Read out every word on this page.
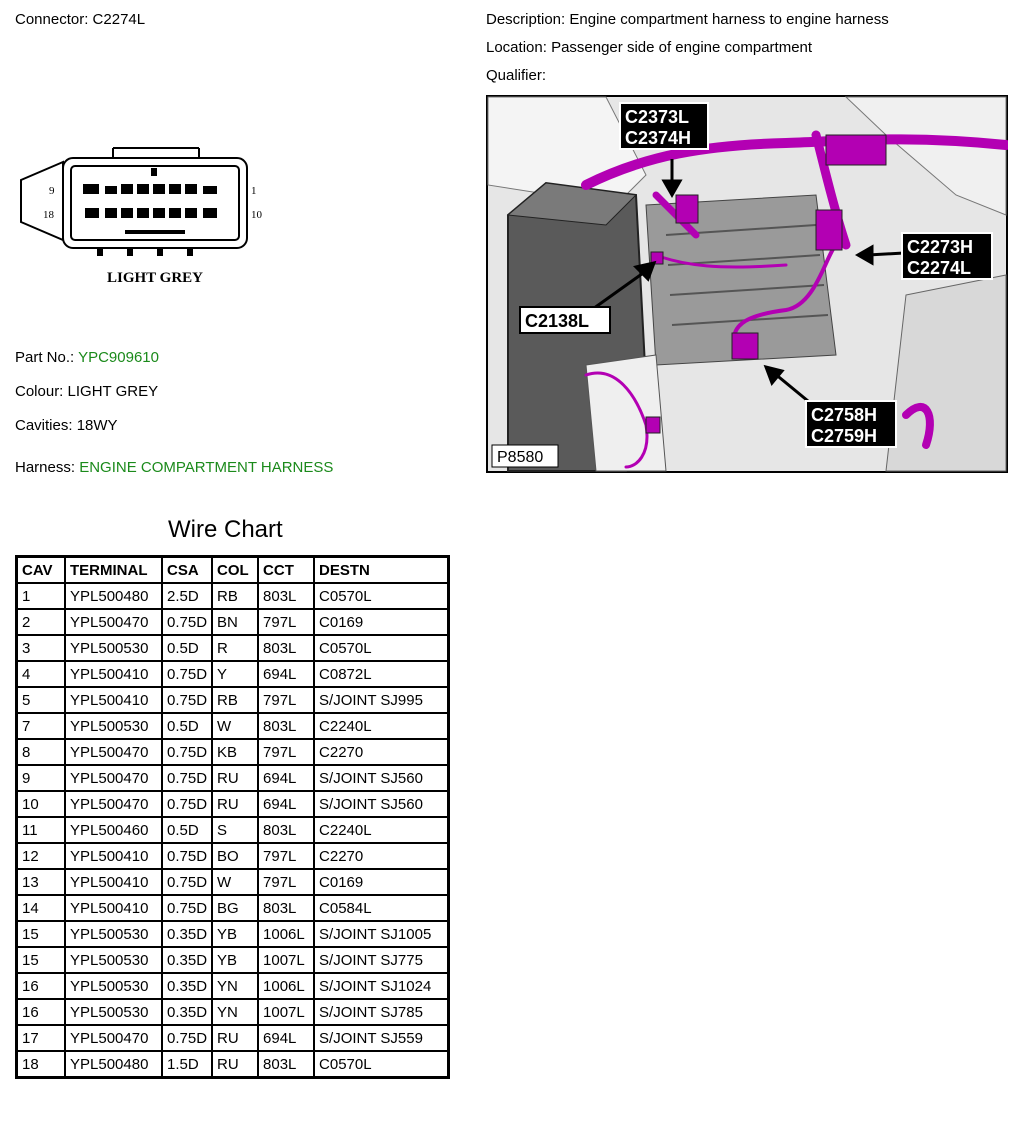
Connector: C2274L	Description: Engine compartment harness to engine harness
Location: Passenger side of engine compartment
Qualifier:
9
18
1
10
LIGHT GREY
C2373L
C2374H
C2273H
C2274L
C2138L
C2758H
C2759H
P8580
Part No.: YPC909610
Colour: LIGHT GREY
Cavities: 18WY
Harness: ENGINE COMPARTMENT HARNESS
Wire Chart
CAV	TERMINAL	CSA	COL	CCT	DESTN
1	YPL500480	2.5D	RB	803L	C0570L
2	YPL500470	0.75D	BN	797L	C0169
3	YPL500530	0.5D	R	803L	C0570L
4	YPL500410	0.75D	Y	694L	C0872L
5	YPL500410	0.75D	RB	797L	S/JOINT SJ995
7	YPL500530	0.5D	W	803L	C2240L
8	YPL500470	0.75D	KB	797L	C2270
9	YPL500470	0.75D	RU	694L	S/JOINT SJ560
10	YPL500470	0.75D	RU	694L	S/JOINT SJ560
11	YPL500460	0.5D	S	803L	C2240L
12	YPL500410	0.75D	BO	797L	C2270
13	YPL500410	0.75D	W	797L	C0169
14	YPL500410	0.75D	BG	803L	C0584L
15	YPL500530	0.35D	YB	1006L	S/JOINT SJ1005
15	YPL500530	0.35D	YB	1007L	S/JOINT SJ775
16	YPL500530	0.35D	YN	1006L	S/JOINT SJ1024
16	YPL500530	0.35D	YN	1007L	S/JOINT SJ785
17	YPL500470	0.75D	RU	694L	S/JOINT SJ559
18	YPL500480	1.5D	RU	803L	C0570L
